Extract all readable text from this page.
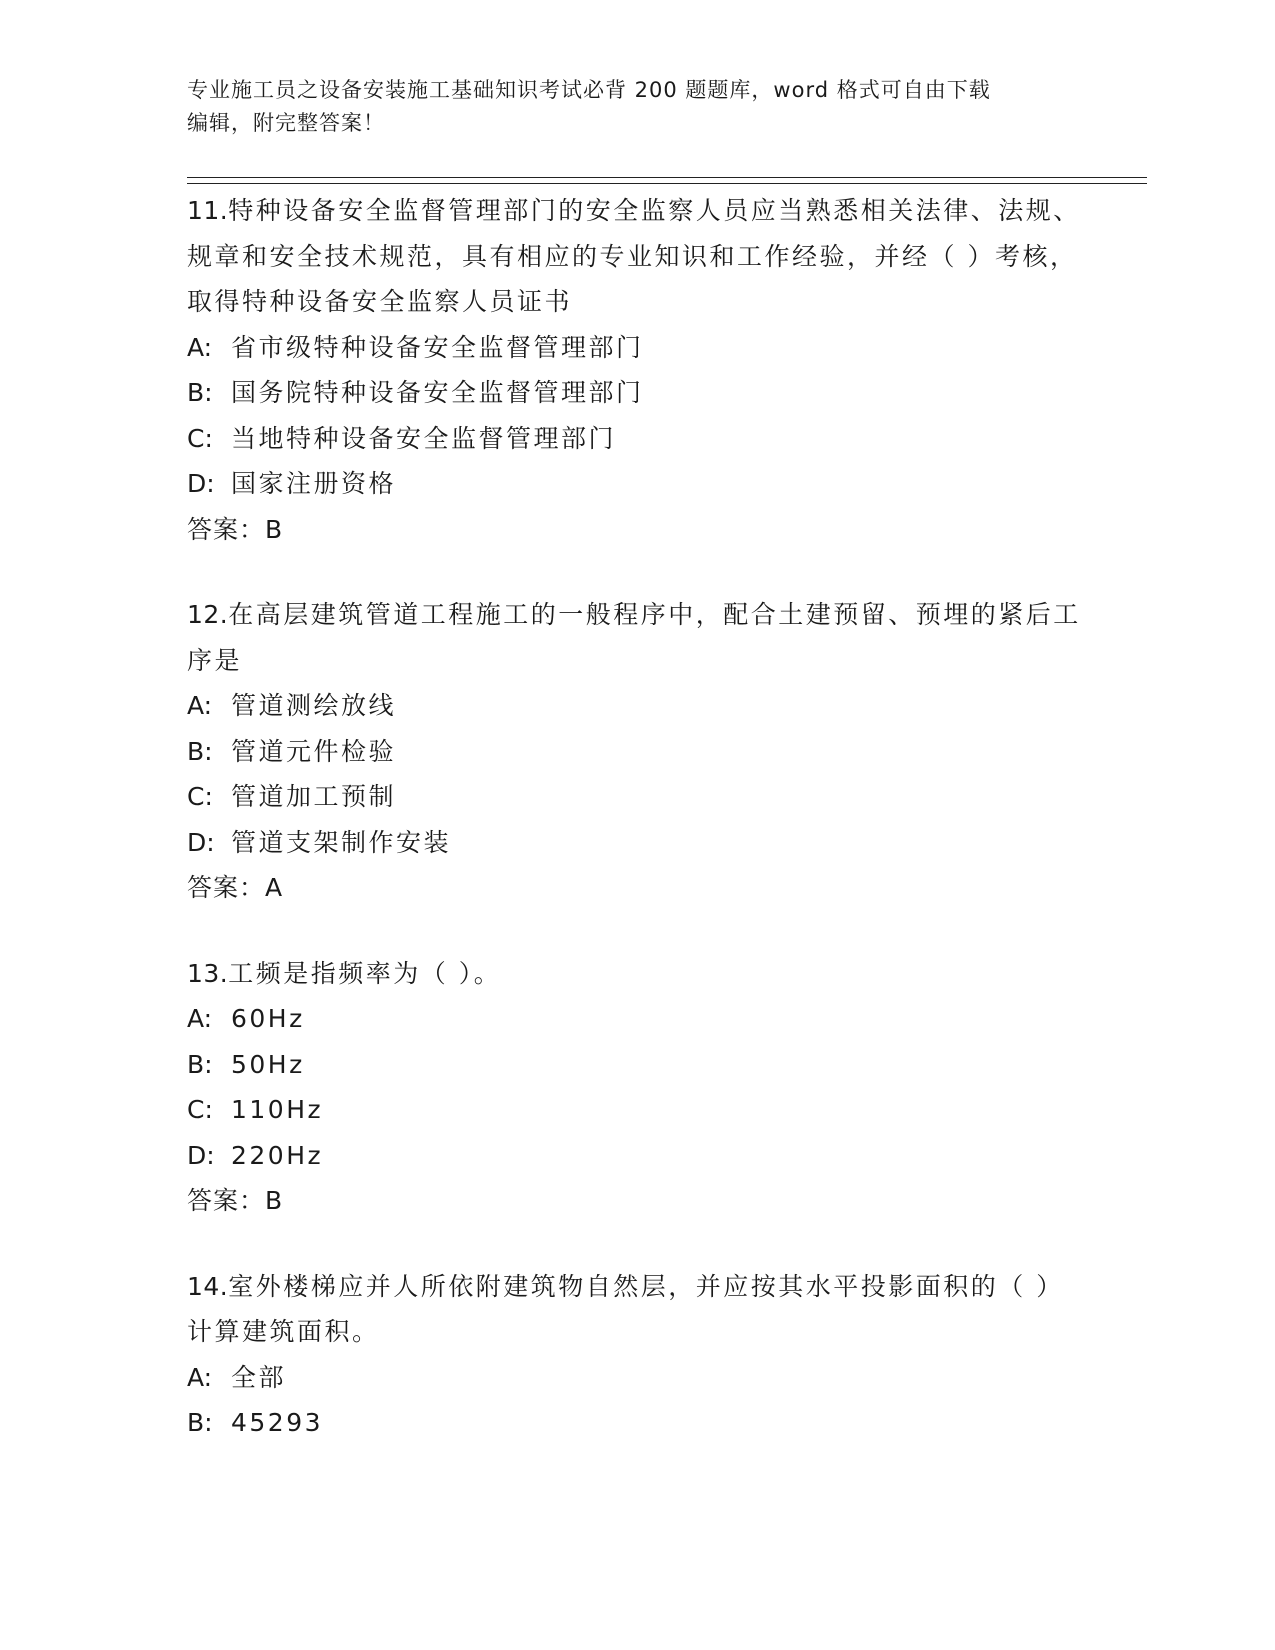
专业施工员之设备安装施工基础知识考试必背 200 题题库，word 格式可自由下载
编辑，附完整答案！
11.特种设备安全监督管理部门的安全监察人员应当熟悉相关法律、法规、规章和安全技术规范，具有相应的专业知识和工作经验，并经（ ）考核，取得特种设备安全监察人员证书
A: 省市级特种设备安全监督管理部门
B: 国务院特种设备安全监督管理部门
C: 当地特种设备安全监督管理部门
D: 国家注册资格
答案：B
12.在高层建筑管道工程施工的一般程序中，配合土建预留、预埋的紧后工序是
A: 管道测绘放线
B: 管道元件检验
C: 管道加工预制
D: 管道支架制作安装
答案：A
13.工频是指频率为（ ）。
A: 60Hz
B: 50Hz
C: 110Hz
D: 220Hz
答案：B
14.室外楼梯应并人所依附建筑物自然层，并应按其水平投影面积的（ ）计算建筑面积。
A: 全部
B: 45293
